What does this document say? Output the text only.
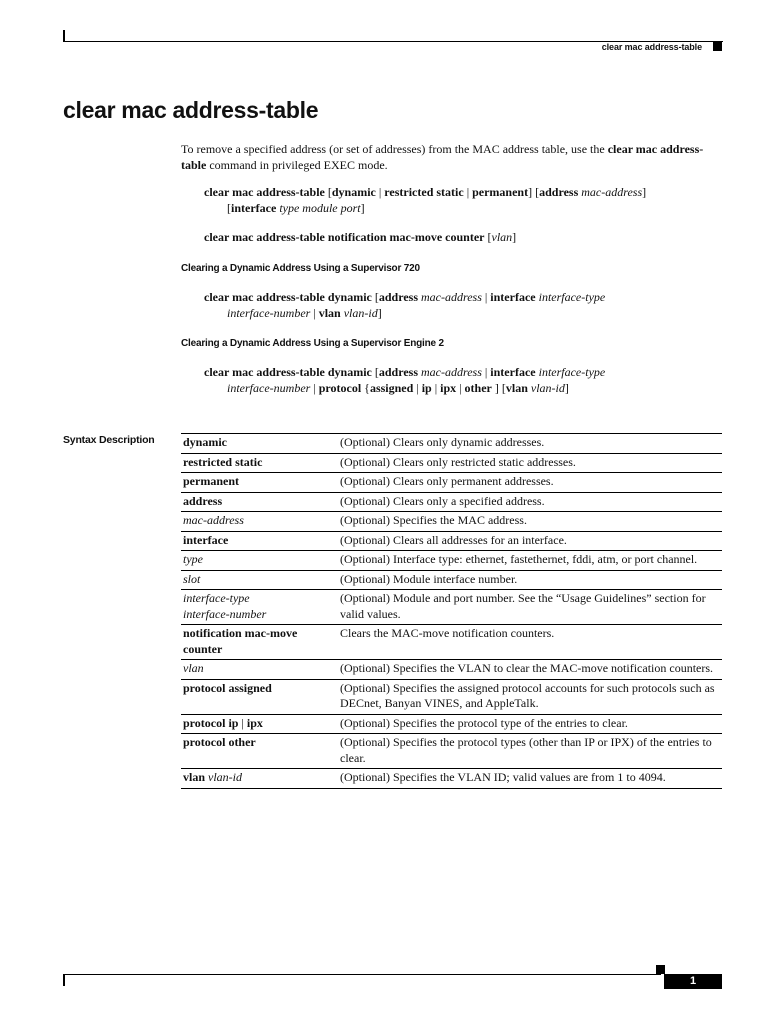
clear mac address-table
clear mac address-table
To remove a specified address (or set of addresses) from the MAC address table, use the clear mac address-table command in privileged EXEC mode.
clear mac address-table [dynamic | restricted static | permanent] [address mac-address]
[interface type module port]
clear mac address-table notification mac-move counter [vlan]
Clearing a Dynamic Address Using a Supervisor 720
clear mac address-table dynamic [address mac-address | interface interface-type
interface-number | vlan vlan-id]
Clearing a Dynamic Address Using a Supervisor Engine 2
clear mac address-table dynamic [address mac-address | interface interface-type
interface-number | protocol {assigned | ip | ipx | other ] [vlan vlan-id]
Syntax Description dynamic	(Optional) Clears only dynamic addresses.
restricted static	(Optional) Clears only restricted static addresses.
permanent	(Optional) Clears only permanent addresses.
address	(Optional) Clears only a specified address.
mac-address	(Optional) Specifies the MAC address.
interface	(Optional) Clears all addresses for an interface.
type	(Optional) Interface type: ethernet, fastethernet, fddi, atm, or port channel.
slot	(Optional) Module interface number.
interface-type
interface-number	(Optional) Module and port number. See the “Usage Guidelines” section for valid values.
notification mac-move counter	Clears the MAC-move notification counters.
vlan	(Optional) Specifies the VLAN to clear the MAC-move notification counters.
protocol assigned	(Optional) Specifies the assigned protocol accounts for such protocols such as DECnet, Banyan VINES, and AppleTalk.
protocol ip | ipx	(Optional) Specifies the protocol type of the entries to clear.
protocol other	(Optional) Specifies the protocol types (other than IP or IPX) of the entries to clear.
vlan vlan-id	(Optional) Specifies the VLAN ID; valid values are from 1 to 4094.
1
